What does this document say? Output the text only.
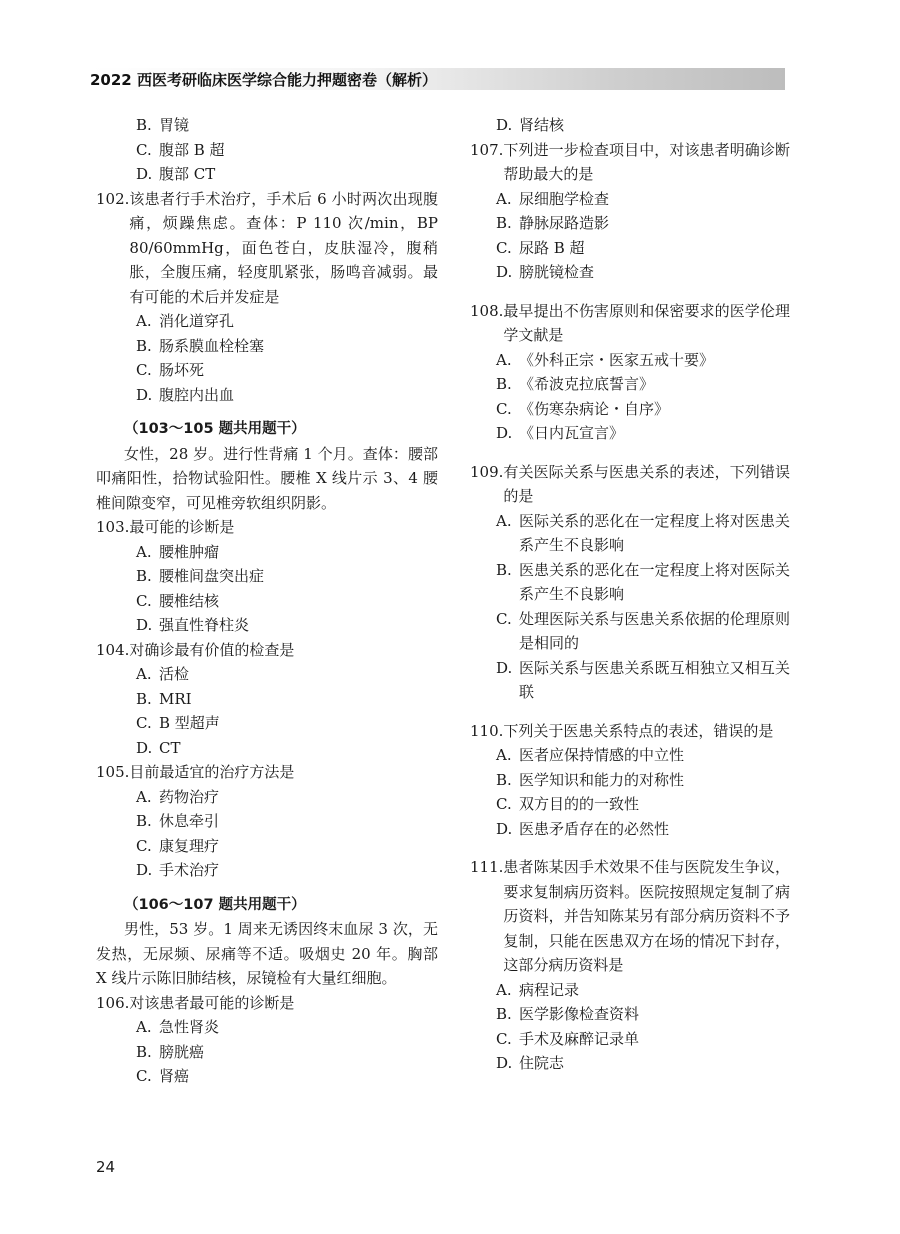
2022 西医考研临床医学综合能力押题密卷（解析）
B. 胃镜
C. 腹部 B 超
D. 腹部 CT
102. 该患者行手术治疗，手术后 6 小时两次出现腹痛，烦躁焦虑。查体：P 110 次/min，BP 80/60mmHg，面色苍白，皮肤湿冷，腹稍胀，全腹压痛，轻度肌紧张，肠鸣音减弱。最有可能的术后并发症是
A. 消化道穿孔
B. 肠系膜血栓栓塞
C. 肠坏死
D. 腹腔内出血
（103～105 题共用题干）
女性，28 岁。进行性背痛 1 个月。查体：腰部叩痛阳性，拾物试验阳性。腰椎 X 线片示 3、4 腰椎间隙变窄，可见椎旁软组织阴影。
103. 最可能的诊断是
A. 腰椎肿瘤
B. 腰椎间盘突出症
C. 腰椎结核
D. 强直性脊柱炎
104. 对确诊最有价值的检查是
A. 活检
B. MRI
C. B 型超声
D. CT
105. 目前最适宜的治疗方法是
A. 药物治疗
B. 休息牵引
C. 康复理疗
D. 手术治疗
（106～107 题共用题干）
男性，53 岁。1 周来无诱因终末血尿 3 次，无发热，无尿频、尿痛等不适。吸烟史 20 年。胸部 X 线片示陈旧肺结核，尿镜检有大量红细胞。
106. 对该患者最可能的诊断是
A. 急性肾炎
B. 膀胱癌
C. 肾癌
D. 肾结核
107. 下列进一步检查项目中，对该患者明确诊断帮助最大的是
A. 尿细胞学检查
B. 静脉尿路造影
C. 尿路 B 超
D. 膀胱镜检查
108. 最早提出不伤害原则和保密要求的医学伦理学文献是
A. 《外科正宗・医家五戒十要》
B. 《希波克拉底誓言》
C. 《伤寒杂病论・自序》
D. 《日内瓦宣言》
109. 有关医际关系与医患关系的表述，下列错误的是
A. 医际关系的恶化在一定程度上将对医患关系产生不良影响
B. 医患关系的恶化在一定程度上将对医际关系产生不良影响
C. 处理医际关系与医患关系依据的伦理原则是相同的
D. 医际关系与医患关系既互相独立又相互关联
110. 下列关于医患关系特点的表述，错误的是
A. 医者应保持情感的中立性
B. 医学知识和能力的对称性
C. 双方目的的一致性
D. 医患矛盾存在的必然性
111. 患者陈某因手术效果不佳与医院发生争议，要求复制病历资料。医院按照规定复制了病历资料，并告知陈某另有部分病历资料不予复制，只能在医患双方在场的情况下封存，这部分病历资料是
A. 病程记录
B. 医学影像检查资料
C. 手术及麻醉记录单
D. 住院志
24
